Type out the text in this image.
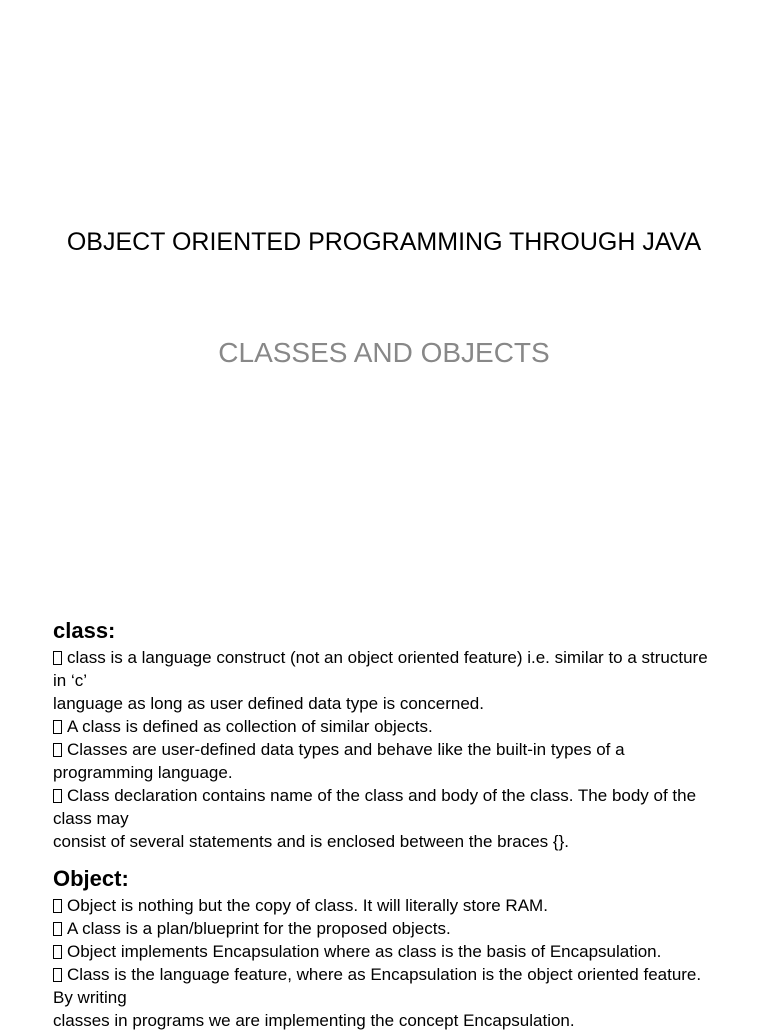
OBJECT ORIENTED PROGRAMMING THROUGH JAVA
CLASSES AND OBJECTS
class:
class is a language construct (not an object oriented feature) i.e. similar to a structure
in ‘c’
language as long as user defined data type is concerned.
A class is defined as collection of similar objects.
Classes are user-defined data types and behave like the built-in types of a
programming language.
Class declaration contains name of the class and body of the class. The body of the
class may
consist of several statements and is enclosed between the braces {}.
Object:
Object is nothing but the copy of class. It will literally store RAM.
A class is a plan/blueprint for the proposed objects.
Object implements Encapsulation where as class is the basis of Encapsulation.
Class is the language feature, where as Encapsulation is the object oriented feature.
By writing
classes in programs we are implementing the concept Encapsulation.
